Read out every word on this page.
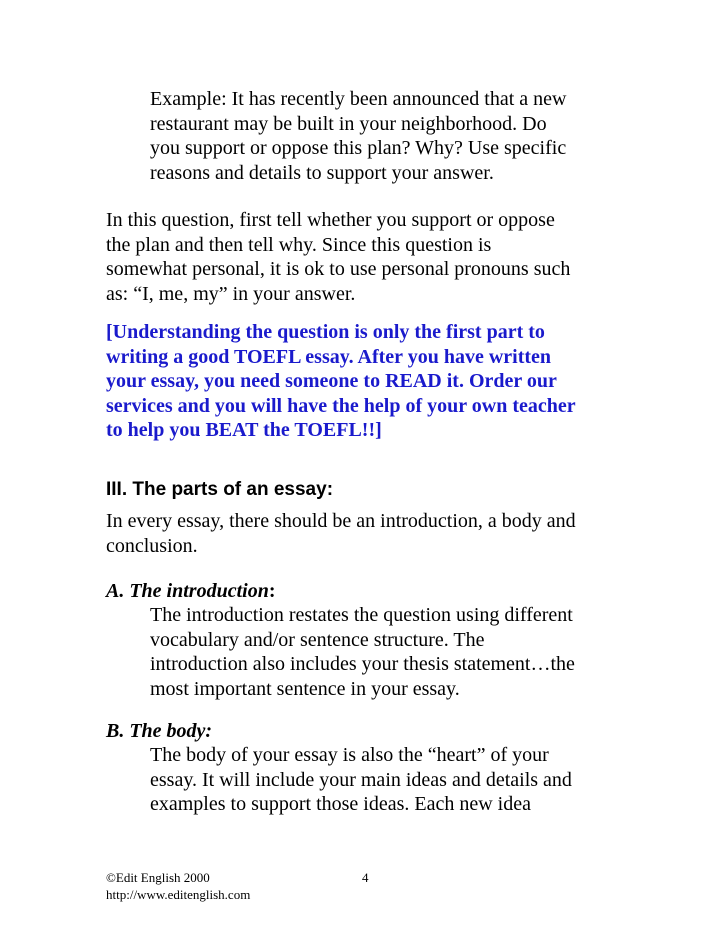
Example: It has recently been announced that a new
restaurant may be built in your neighborhood. Do
you support or oppose this plan? Why? Use specific
reasons and details to support your answer.
In this question, first tell whether you support or oppose
the plan and then tell why. Since this question is
somewhat personal, it is ok to use personal pronouns such
as: “I, me, my” in your answer.
[Understanding the question is only the first part to
writing a good TOEFL essay. After you have written
your essay, you need someone to READ it. Order our
services and you will have the help of your own teacher
to help you BEAT the TOEFL!!]
III. The parts of an essay:
In every essay, there should be an introduction, a body and
conclusion.
A. The introduction:
The introduction restates the question using different
vocabulary and/or sentence structure. The
introduction also includes your thesis statement…the
most important sentence in your essay.
B. The body:
The body of your essay is also the “heart” of your
essay. It will include your main ideas and details and
examples to support those ideas. Each new idea
©Edit English 2000
http://www.editenglish.com
4
